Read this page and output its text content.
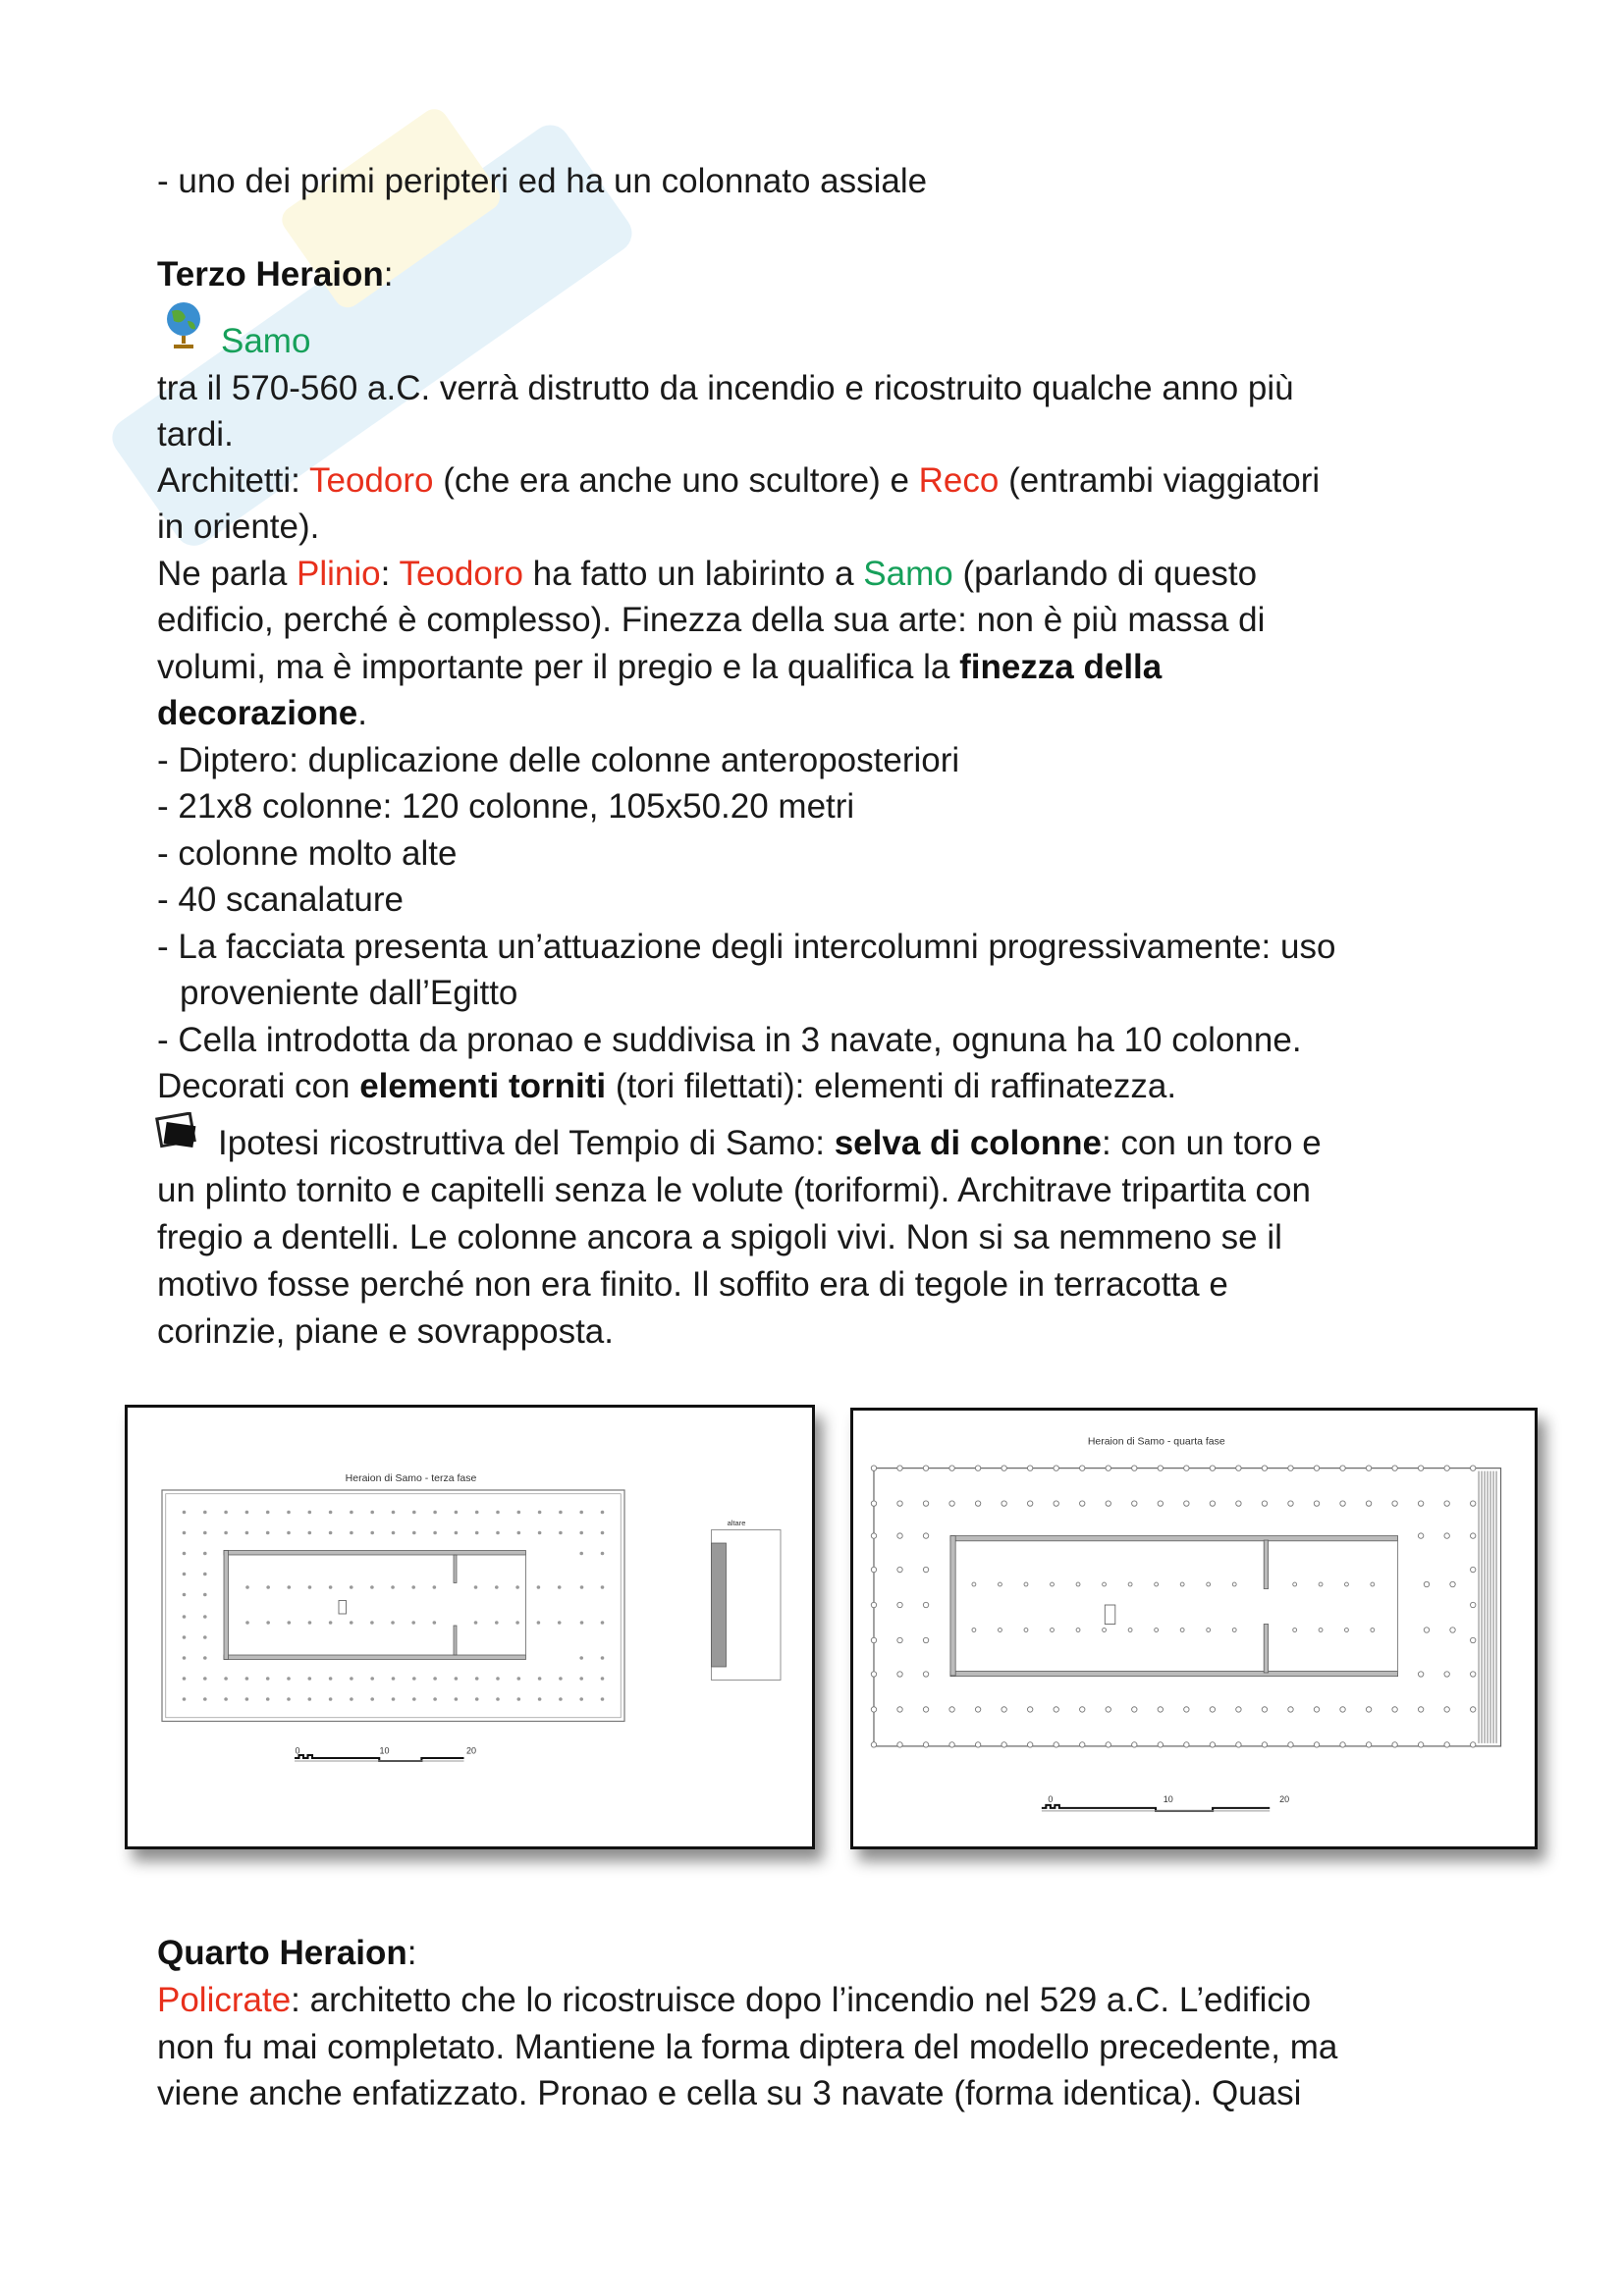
- uno dei primi peripteri ed ha un colonnato assiale
Terzo Heraion:
Samo
tra il 570-560 a.C. verrà distrutto da incendio e ricostruito qualche anno più
tardi.
Architetti: Teodoro (che era anche uno scultore) e Reco (entrambi viaggiatori
in oriente).
Ne parla Plinio: Teodoro ha fatto un labirinto a Samo (parlando di questo
edificio, perché è complesso). Finezza della sua arte: non è più massa di
volumi, ma è importante per il pregio e la qualifica la finezza della
decorazione.
- Diptero: duplicazione delle colonne anteroposteriori
- 21x8 colonne: 120 colonne, 105x50.20 metri
- colonne molto alte
- 40 scanalature
- La facciata presenta un’attuazione degli intercolumni progressivamente: uso
proveniente dall’Egitto
- Cella introdotta da pronao e suddivisa in 3 navate, ognuna ha 10 colonne.
Decorati con elementi torniti (tori filettati): elementi di raffinatezza.
Ipotesi ricostruttiva del Tempio di Samo: selva di colonne: con un toro e
un plinto tornito e capitelli senza le volute (toriformi). Architrave tripartita con
fregio a dentelli. Le colonne ancora a spigoli vivi. Non si sa nemmeno se il
motivo fosse perché non era finito. Il soffito era di tegole in terracotta e
corinzie, piane e sovrapposta.
Heraion di Samo - terza fase
altare
0	10	20
Heraion di Samo - quarta fase
0	10	20
Quarto Heraion:
Policrate: architetto che lo ricostruisce dopo l’incendio nel 529 a.C. L’edificio
non fu mai completato. Mantiene la forma diptera del modello precedente, ma
viene anche enfatizzato. Pronao e cella su 3 navate (forma identica). Quasi
